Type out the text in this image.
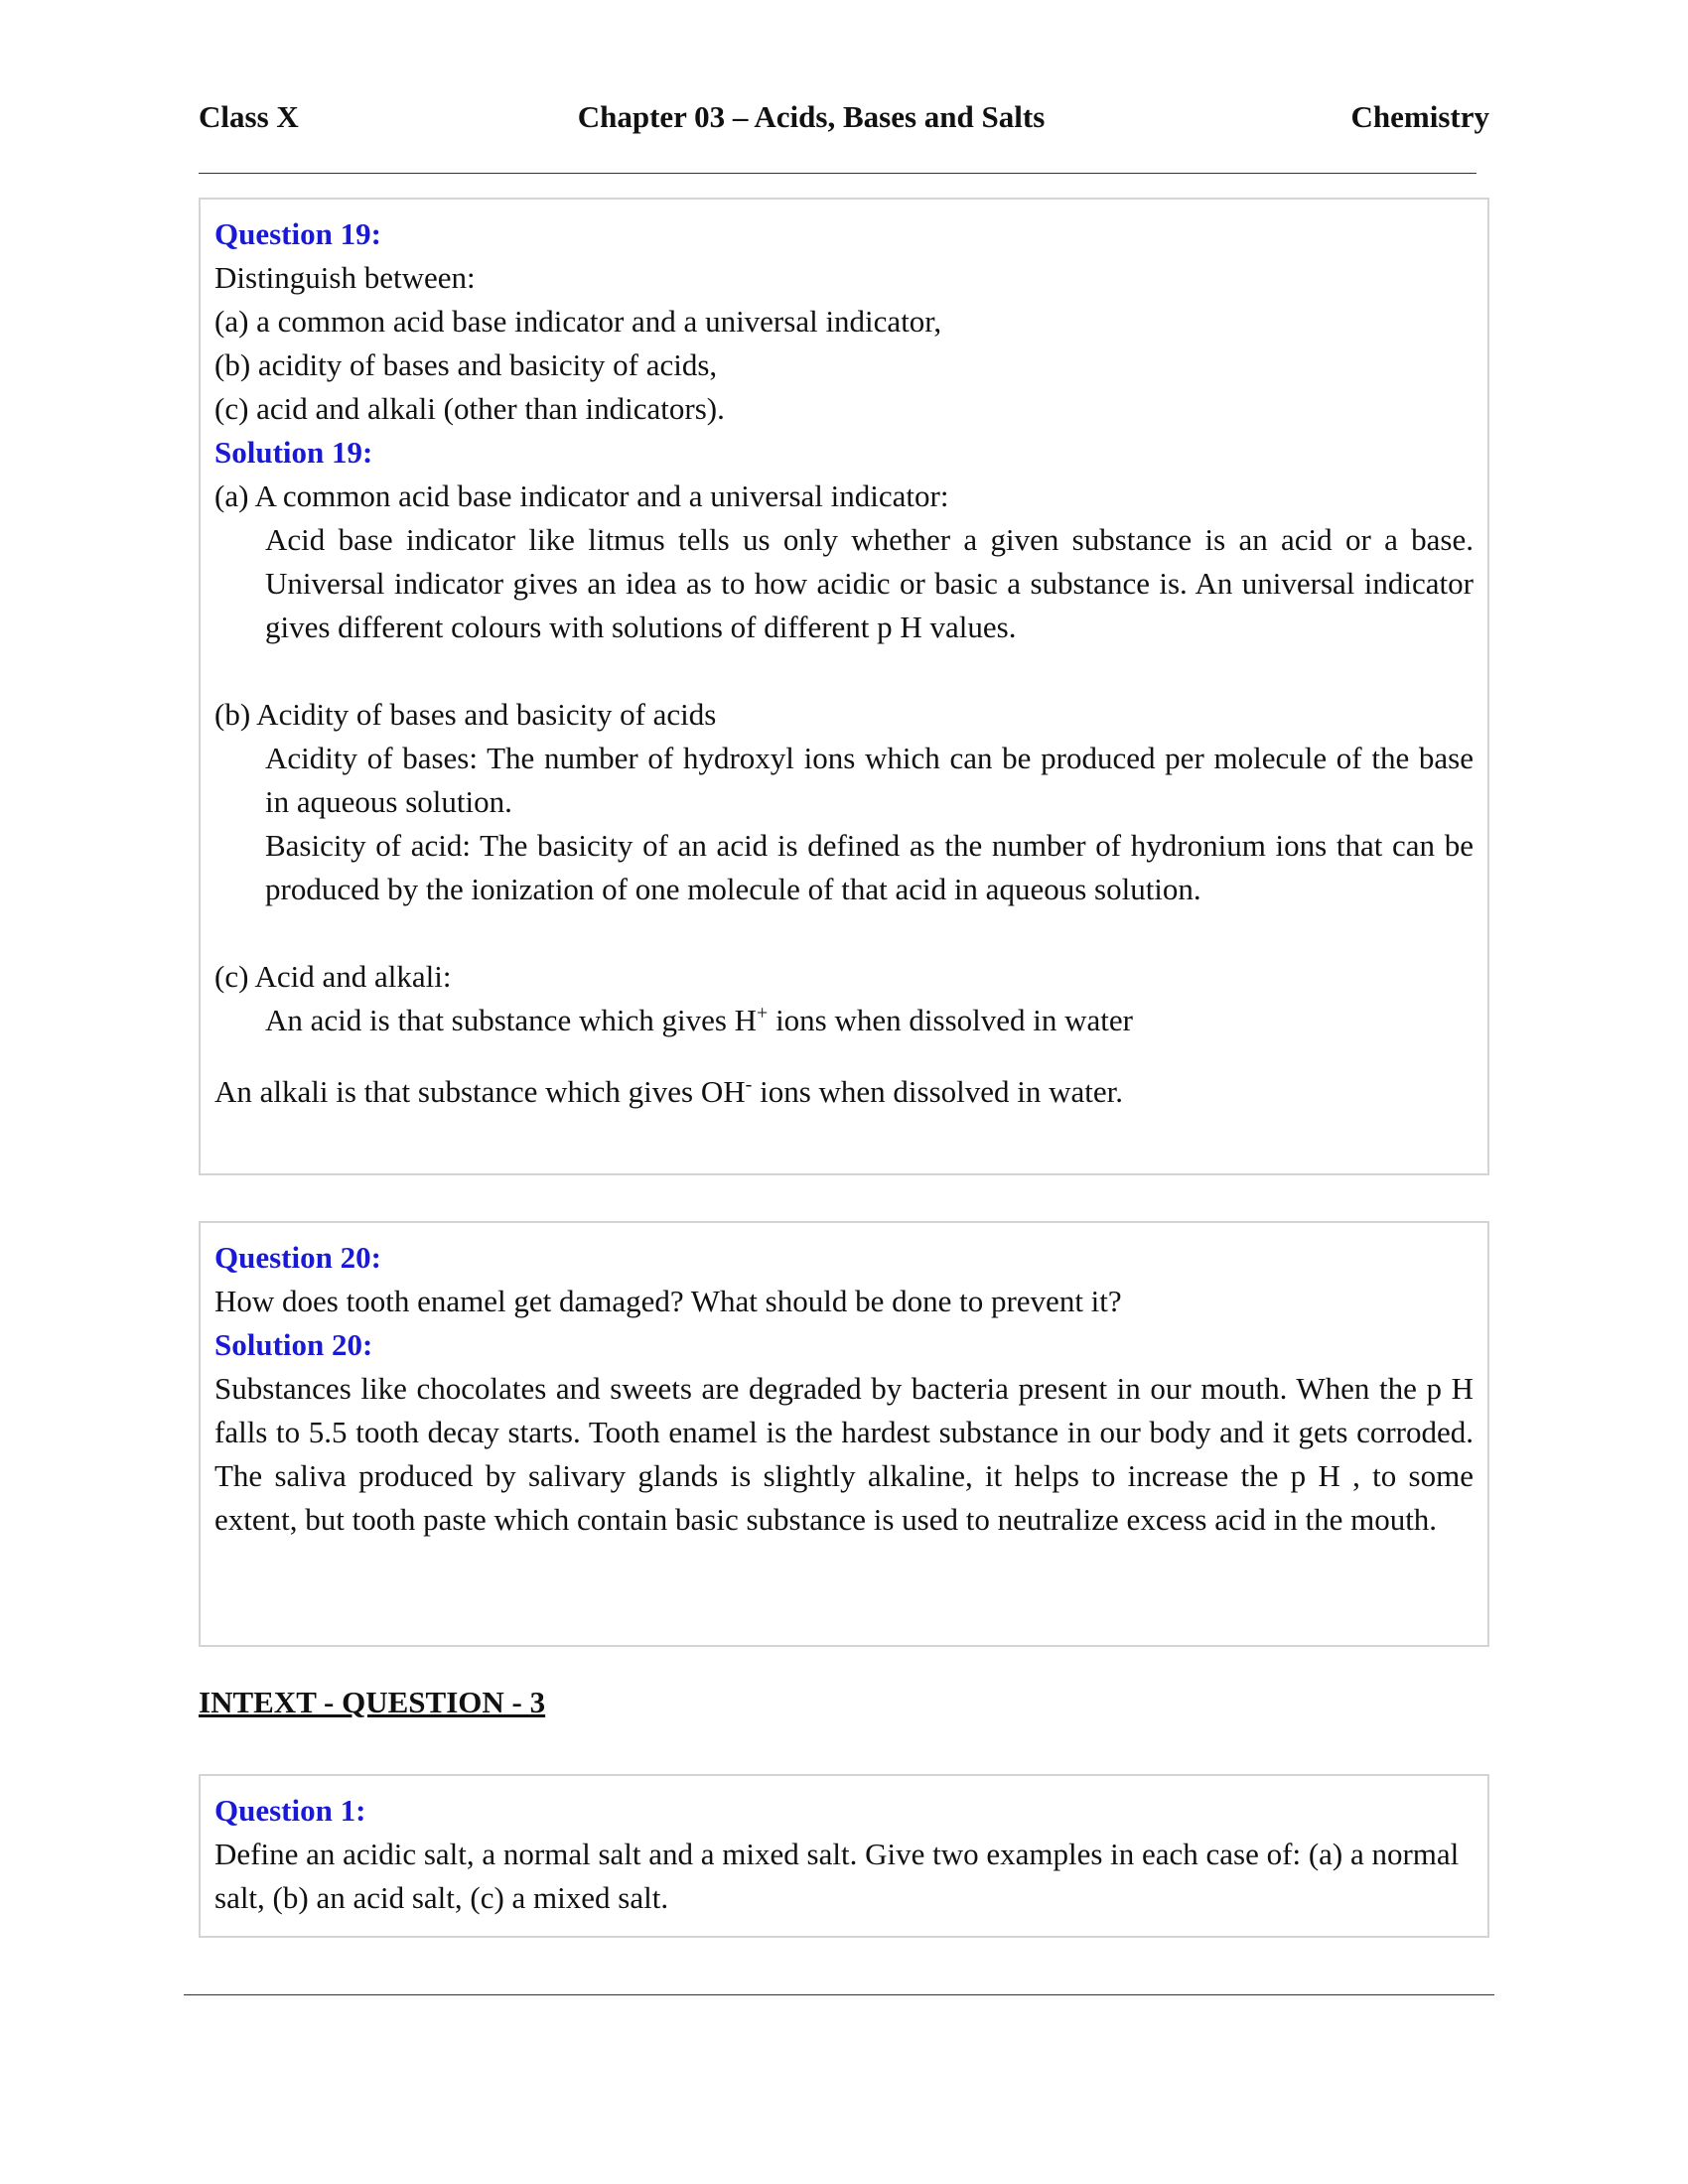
Class X	Chapter 03 – Acids, Bases and Salts	Chemistry

Question 19:

Distinguish between:

(a) a common acid base indicator and a universal indicator,

(b) acidity of bases and basicity of acids,

(c) acid and alkali (other than indicators).

Solution 19:

(a) A common acid base indicator and a universal indicator:

Acid base indicator like litmus tells us only whether a given substance is an acid or a base. Universal indicator gives an idea as to how acidic or basic a substance is. An universal indicator gives different colours with solutions of different p H values.

(b) Acidity of bases and basicity of acids

Acidity of bases: The number of hydroxyl ions which can be produced per molecule of the base in aqueous solution.

Basicity of acid: The basicity of an acid is defined as the number of hydronium ions that can be produced by the ionization of one molecule of that acid in aqueous solution.

(c) Acid and alkali:

An acid is that substance which gives H+ ions when dissolved in water

An alkali is that substance which gives OH- ions when dissolved in water.

Question 20:

How does tooth enamel get damaged? What should be done to prevent it?

Solution 20:

Substances like chocolates and sweets are degraded by bacteria present in our mouth. When the p H falls to 5.5 tooth decay starts. Tooth enamel is the hardest substance in our body and it gets corroded. The saliva produced by salivary glands is slightly alkaline, it helps to increase the p H , to some extent, but tooth paste which contain basic substance is used to neutralize excess acid in the mouth.

INTEXT - QUESTION - 3

Question 1:

Define an acidic salt, a normal salt and a mixed salt. Give two examples in each case of: (a) a normal salt, (b) an acid salt, (c) a mixed salt.
